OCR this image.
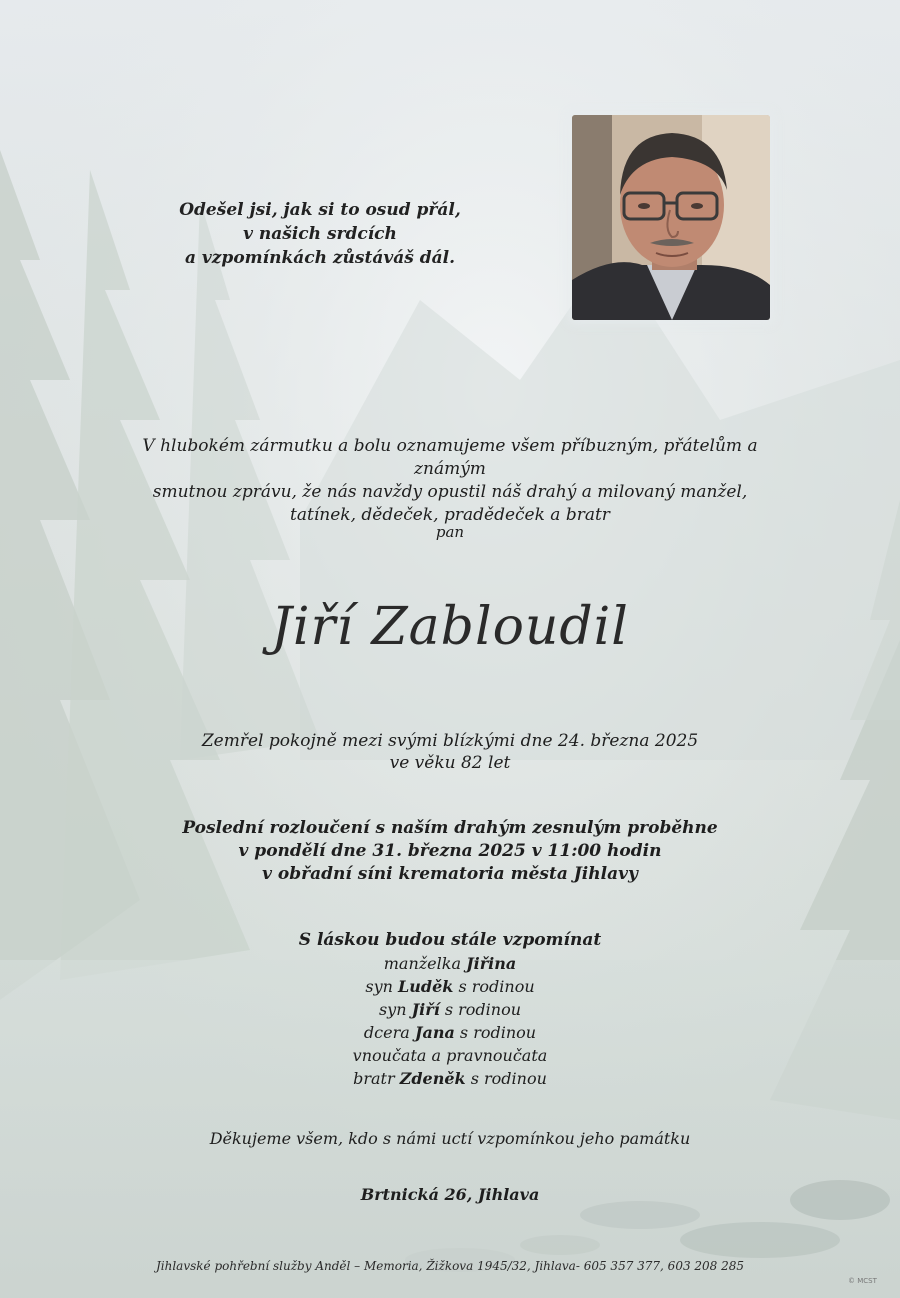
Odešel jsi, jak si to osud přál,
v našich srdcích
a vzpomínkách zůstáváš dál.
V hlubokém zármutku a bolu oznamujeme všem příbuzným, přátelům a známým
smutnou zprávu, že nás navždy opustil náš drahý a milovaný manžel,
tatínek, dědeček, pradědeček a bratr
pan
Jiří Zabloudil
Zemřel pokojně mezi svými blízkými dne 24. března 2025
ve věku 82 let
Poslední rozloučení s naším drahým zesnulým proběhne
v pondělí dne 31. března 2025 v 11:00 hodin
v obřadní síni krematoria města Jihlavy
S láskou budou stále vzpomínat
manželka Jiřina
syn Luděk s rodinou
syn Jiří s rodinou
dcera Jana s rodinou
vnoučata a pravnoučata
bratr Zdeněk s rodinou
Děkujeme všem, kdo s námi uctí vzpomínkou jeho památku
Brtnická 26, Jihlava
Jihlavské pohřební služby Anděl – Memoria, Žižkova 1945/32, Jihlava- 605 357 377, 603 208 285
© MCST
